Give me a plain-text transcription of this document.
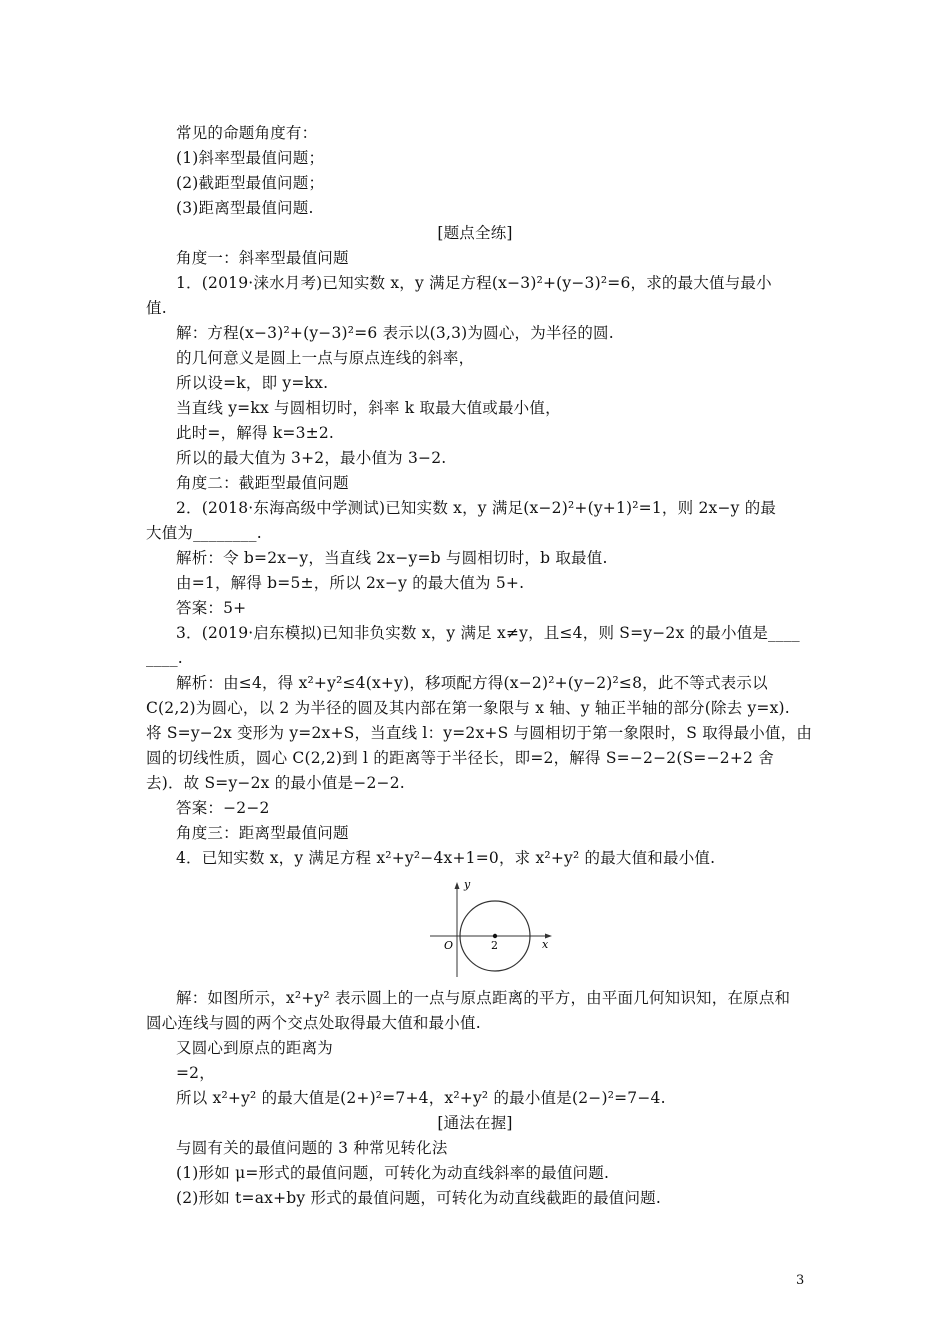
常见的命题角度有：
(1)斜率型最值问题；
(2)截距型最值问题；
(3)距离型最值问题.
[题点全练]
角度一：斜率型最值问题
1．(2019·涞水月考)已知实数 x，y 满足方程(x−3)²+(y−3)²=6，求的最大值与最小
值.
解：方程(x−3)²+(y−3)²=6 表示以(3,3)为圆心，为半径的圆.
的几何意义是圆上一点与原点连线的斜率，
所以设=k，即 y=kx.
当直线 y=kx 与圆相切时，斜率 k 取最大值或最小值，
此时=，解得 k=3±2.
所以的最大值为 3+2，最小值为 3−2.
角度二：截距型最值问题
2．(2018·东海高级中学测试)已知实数 x，y 满足(x−2)²+(y+1)²=1，则 2x−y 的最
大值为________.
解析：令 b=2x−y，当直线 2x−y=b 与圆相切时，b 取最值.
由=1，解得 b=5±，所以 2x−y 的最大值为 5+.
答案：5+
3．(2019·启东模拟)已知非负实数 x，y 满足 x≠y，且≤4，则 S=y−2x 的最小值是____
____.
解析：由≤4，得 x²+y²≤4(x+y)，移项配方得(x−2)²+(y−2)²≤8，此不等式表示以
C(2,2)为圆心，以 2 为半径的圆及其内部在第一象限与 x 轴、y 轴正半轴的部分(除去 y=x).
将 S=y−2x 变形为 y=2x+S，当直线 l：y=2x+S 与圆相切于第一象限时，S 取得最小值，由
圆的切线性质，圆心 C(2,2)到 l 的距离等于半径长，即=2，解得 S=−2−2(S=−2+2 舍
去)．故 S=y−2x 的最小值是−2−2.
答案：−2−2
角度三：距离型最值问题
4．已知实数 x，y 满足方程 x²+y²−4x+1=0，求 x²+y² 的最大值和最小值.
y
x
O	2
解：如图所示，x²+y² 表示圆上的一点与原点距离的平方，由平面几何知识知，在原点和
圆心连线与圆的两个交点处取得最大值和最小值.
又圆心到原点的距离为
=2，
所以 x²+y² 的最大值是(2+)²=7+4，x²+y² 的最小值是(2−)²=7−4.
[通法在握]
与圆有关的最值问题的 3 种常见转化法
(1)形如 μ=形式的最值问题，可转化为动直线斜率的最值问题.
(2)形如 t=ax+by 形式的最值问题，可转化为动直线截距的最值问题.
3
